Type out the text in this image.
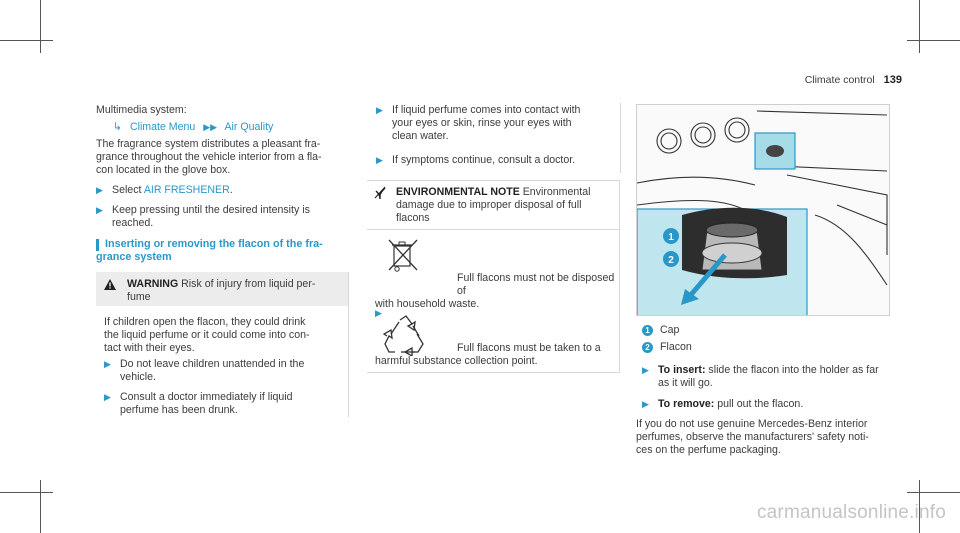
Climate control 139
Multimedia system:
↳ Climate Menu ▶▶ Air Quality
The fragrance system distributes a pleasant fra-
grance throughout the vehicle interior from a fla-
con located in the glove box.
▶ Select AIR FRESHENER.
▶ Keep pressing until the desired intensity is
reached.
Inserting or removing the flacon of the fra-
grance system
WARNING Risk of injury from liquid per-
fume
If children open the flacon, they could drink
the liquid perfume or it could come into con-
tact with their eyes.
▶ Do not leave children unattended in the
vehicle.
▶ Consult a doctor immediately if liquid
perfume has been drunk.
▶ If liquid perfume comes into contact with
your eyes or skin, rinse your eyes with
clean water.
▶ If symptoms continue, consult a doctor.
ENVIRONMENTAL NOTE Environmental
damage due to improper disposal of full
flacons
Full flacons must not be disposed of
with household waste.
▶
Full flacons must be taken to a
harmful substance collection point.
1
2
1 Cap
2 Flacon
▶ To insert: slide the flacon into the holder as far
as it will go.
▶ To remove: pull out the flacon.
If you do not use genuine Mercedes-Benz interior
perfumes, observe the manufacturers' safety noti-
ces on the perfume packaging.
carmanualsonline.info
